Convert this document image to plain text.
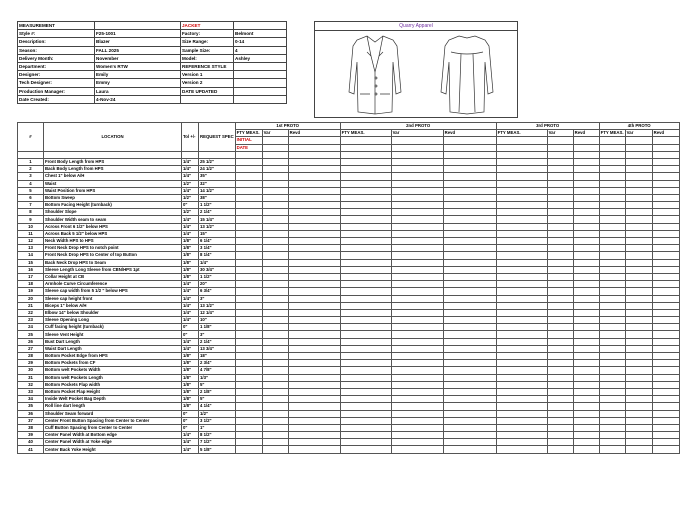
MEASUREMENT		JACKET	
Style #:	F25-1001	Factory:	Belmont
Description:	Blazer	Size Range:	0-14
Season:	FALL 2025	Sample Size:	4
Delivery Month:	November	Model:	Ashley
Department:	Women's RTW	REFERENCE STYLE	
Designer:	Emily	Version 1	
Tech Designer:	Emmy	Version 2	
Production Manager:	Laura	DATE UPDATED	
Date Created:	4-Nov-24		
Quarry Apparel
#	LOCATION	Tol +/-	REQUEST SPEC	1st PROTO			2nd PROTO			3rd PROTO			4th PROTO		
				FTY MEAS.	Var	Revd	FTY MEAS.	Var	Revd	FTY MEAS.	Var	Revd	FTY MEAS.	Var	Revd
				INITIAL											
				DATE											

1	Front Body Length from HPS	1/4"	25 1/2"												
2	Back Body Length from HPS	1/4"	24 1/2"												
3	Chest 1" below A/H	1/4"	35"												
4	Waist	1/2"	32"												
5	Waist Position from HPS	1/4"	14 1/2"												
6	Bottom Sweep	1/2"	38"												
7	Bottom Facing Height (turnback)	0"	1 1/2"												
8	Shoulder Slope	1/2"	2 1/4"												
9	Shoulder Width seam to seam	1/4"	15 1/4"												
10	Across Front 6 1/2" below HPS	1/4"	13 1/2"												
11	Across Back 5 1/2" below HPS	1/4"	15"												
12	Neck Width HPS to HPS	1/8"	6 1/4"												
13	Front Neck Drop HPS to notch point	1/8"	3 1/4"												
14	Front Neck Drop HPS to Center of top Button	1/8"	8 1/4"												
15	Back Neck Drop HPS to Seam	1/8"	1/4"												
16	Sleeve Length Long Sleeve from CBN/HPS 1pt	1/8"	30 3/4"												
17	Collar Height at CB	1/8"	1 1/2"												
18	Armhole Curve Circumference	1/4"	20"												
19	Sleeve cap width from 5 1/2 " below HPS	1/4"	6 3/4"												
20	Sleeve cap height front	1/4"	3"												
21	Biceps 1" below A/H	1/4"	13 1/2"												
22	Elbow 14" below Shoulder	1/4"	12 1/4"												
23	Sleeve Opening Long	1/4"	10"												
24	Cuff facing height (turnback)	0"	1 1/8"												
25	Sleeve Vent Height	0"	3"												
26	Bust Dart Length	1/4"	2 1/4"												
27	Waist Dart Length	1/4"	13 3/4"												
28	Bottom Pocket Edge from HPS	1/8"	18"												
29	Bottom Pockets from CF	1/8"	2 3/4"												
30	Bottom welt Pockets Width	1/8"	4 7/8"												
31	Bottom welt Pockets Length	1/8"	1/3"												
32	Bottom Pockets Flap width	1/8"	5"												
33	Bottom Pocket Flap Height	1/8"	2 1/8"												
34	Inside Welt Pocket Bag Depth	1/8"	5"												
35	Roll line dart length	1/8"	4 1/4"												
36	Shoulder Seam forward	0"	1/2"												
37	Center Front Button Spacing from Center to Center	0"	3 1/2"												
38	Cuff Button Spacing from Center to Center	0"	1"												
39	Center Panel Width at Bottom edge	1/4"	8 1/2"												
40	Center Panel Width at Yoke edge	1/4"	7 1/2"												
41	Center Back Yoke Height	1/4"	5 1/8"												
